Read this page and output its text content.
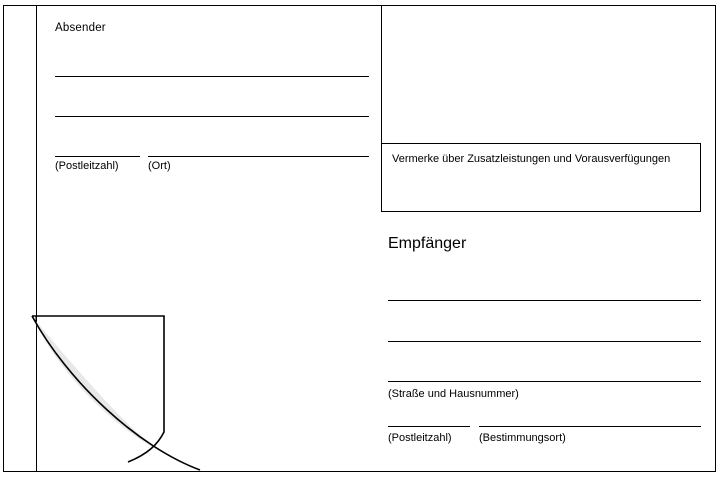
Absender
(Postleitzahl)	(Ort)
Vermerke über Zusatzleistungen und Vorausverfügungen
Empfänger
(Straße und Hausnummer)
(Postleitzahl) (Bestimmungsort)
